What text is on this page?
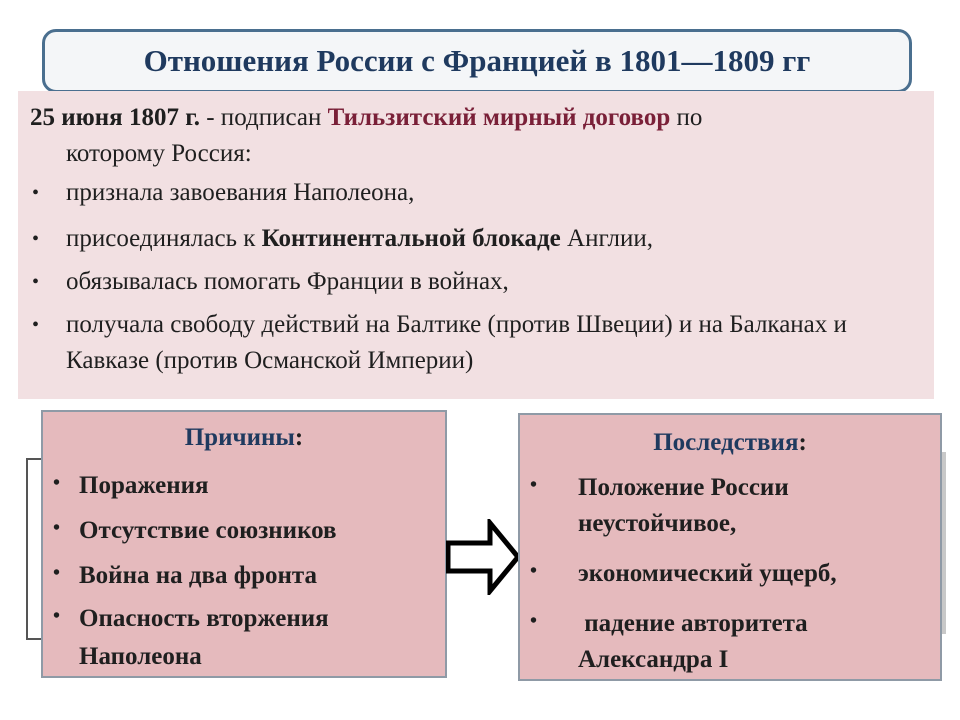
Отношения России с Францией в 1801—1809 гг
25 июня 1807 г. - подписан Тильзитский мирный договор по
которому Россия:
• признала завоевания Наполеона,
• присоединялась к Континентальной блокаде Англии,
• обязывалась помогать Франции в войнах,
• получала свободу действий на Балтике (против Швеции) и на Балканах и Кавказе (против Османской Империи)
Причины:
• Поражения
• Отсутствие союзников
• Война на два фронта
• Опасность вторжения Наполеона
Последствия:
• Положение России неустойчивое,
• экономический ущерб,
• падение авторитета Александра I
